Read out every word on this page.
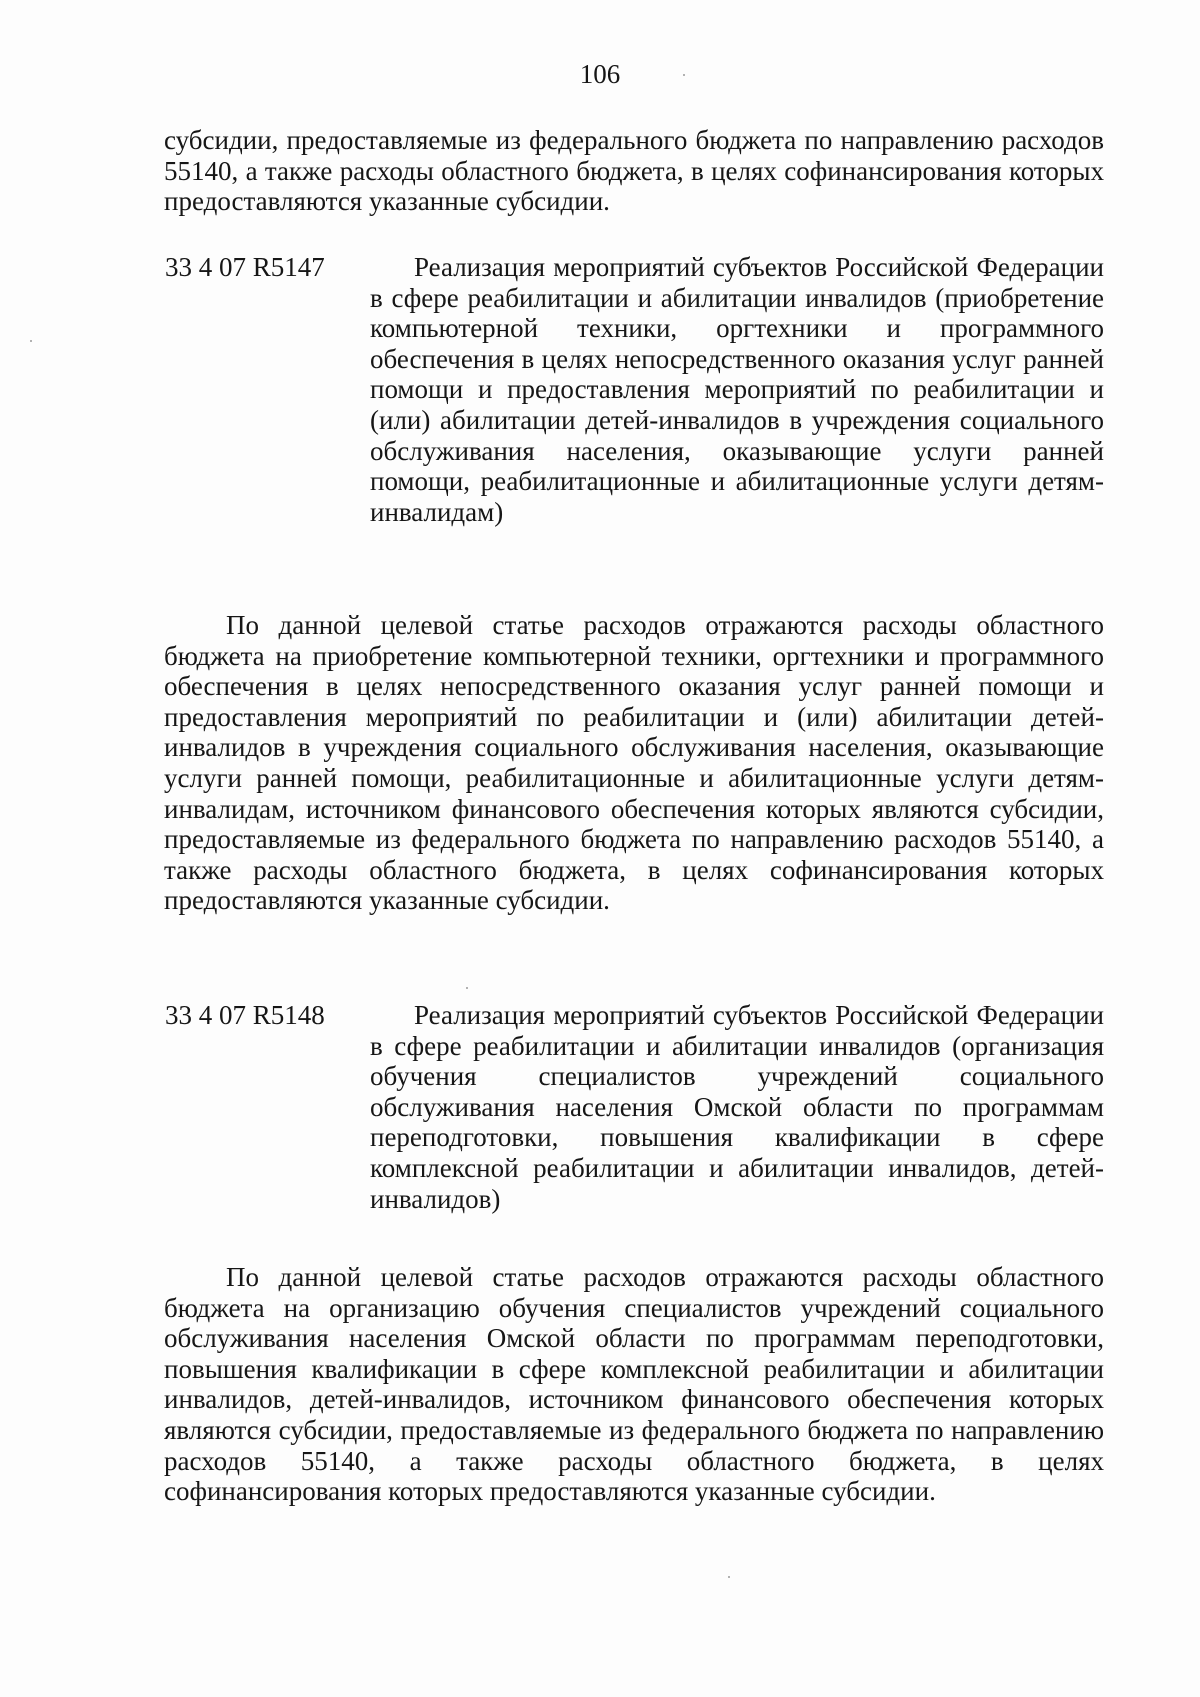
106

субсидии, предоставляемые из федерального бюджета по направлению расходов 55140, а также расходы областного бюджета, в целях софинансирования которых предоставляются указанные субсидии.

33 4 07 R5147	Реализация мероприятий субъектов Российской Федерации в сфере реабилитации и абилитации инвалидов (приобретение компьютерной техники, оргтехники и программного обеспечения в целях непосредственного оказания услуг ранней помощи и предоставления мероприятий по реабилитации и (или) абилитации детей-инвалидов в учреждения социального обслуживания населения, оказывающие услуги ранней помощи, реабилитационные и абилитационные услуги детям-инвалидам)

По данной целевой статье расходов отражаются расходы областного бюджета на приобретение компьютерной техники, оргтехники и программного обеспечения в целях непосредственного оказания услуг ранней помощи и предоставления мероприятий по реабилитации и (или) абилитации детей-инвалидов в учреждения социального обслуживания населения, оказывающие услуги ранней помощи, реабилитационные и абилитационные услуги детям-инвалидам, источником финансового обеспечения которых являются субсидии, предоставляемые из федерального бюджета по направлению расходов 55140, а также расходы областного бюджета, в целях софинансирования которых предоставляются указанные субсидии.

33 4 07 R5148	Реализация мероприятий субъектов Российской Федерации в сфере реабилитации и абилитации инвалидов (организация обучения специалистов учреждений социального обслуживания населения Омской области по программам переподготовки, повышения квалификации в сфере комплексной реабилитации и абилитации инвалидов, детей-инвалидов)

По данной целевой статье расходов отражаются расходы областного бюджета на организацию обучения специалистов учреждений социального обслуживания населения Омской области по программам переподготовки, повышения квалификации в сфере комплексной реабилитации и абилитации инвалидов, детей-инвалидов, источником финансового обеспечения которых являются субсидии, предоставляемые из федерального бюджета по направлению расходов 55140, а также расходы областного бюджета, в целях софинансирования которых предоставляются указанные субсидии.
